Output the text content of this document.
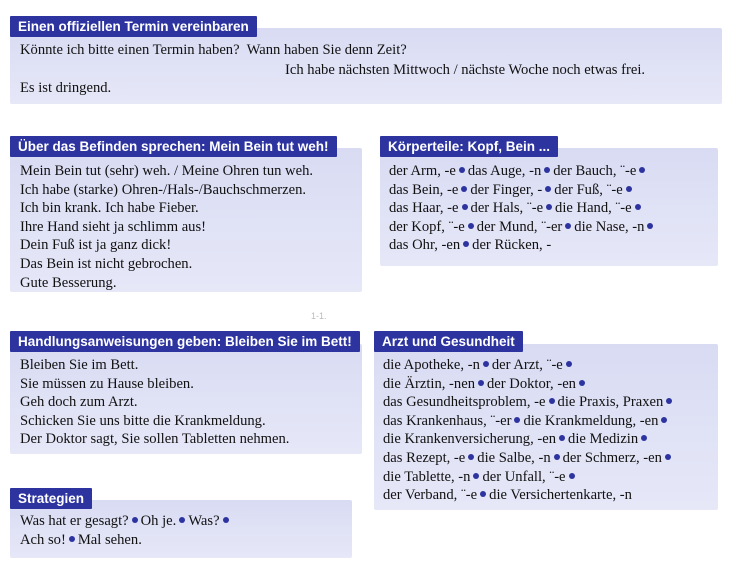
Einen offiziellen Termin vereinbaren
Könnte ich bitte einen Termin haben? Wann haben Sie denn Zeit?
Ich habe nächsten Mittwoch / nächste Woche noch etwas frei.
Es ist dringend.
Über das Befinden sprechen: Mein Bein tut weh!
Mein Bein tut (sehr) weh. / Meine Ohren tun weh.
Ich habe (starke) Ohren-/Hals-/Bauchschmerzen.
Ich bin krank. Ich habe Fieber.
Ihre Hand sieht ja schlimm aus!
Dein Fuß ist ja ganz dick!
Das Bein ist nicht gebrochen.
Gute Besserung.
Körperteile: Kopf, Bein ...
der Arm, -e das Auge, -n der Bauch, ¨-e
das Bein, -e der Finger, - der Fuß, ¨-e
das Haar, -e der Hals, ¨-e die Hand, ¨-e
der Kopf, ¨-e der Mund, ¨-er die Nase, -n
das Ohr, -en der Rücken, -
1-1.
Handlungsanweisungen geben: Bleiben Sie im Bett!
Bleiben Sie im Bett.
Sie müssen zu Hause bleiben.
Geh doch zum Arzt.
Schicken Sie uns bitte die Krankmeldung.
Der Doktor sagt, Sie sollen Tabletten nehmen.
Arzt und Gesundheit
die Apotheke, -n der Arzt, ¨-e
die Ärztin, -nen der Doktor, -en
das Gesundheitsproblem, -e die Praxis, Praxen
das Krankenhaus, ¨-er die Krankmeldung, -en
die Krankenversicherung, -en die Medizin
das Rezept, -e die Salbe, -n der Schmerz, -en
die Tablette, -n der Unfall, ¨-e
der Verband, ¨-e die Versichertenkarte, -n
Strategien
Was hat er gesagt? Oh je. Was?
Ach so! Mal sehen.
